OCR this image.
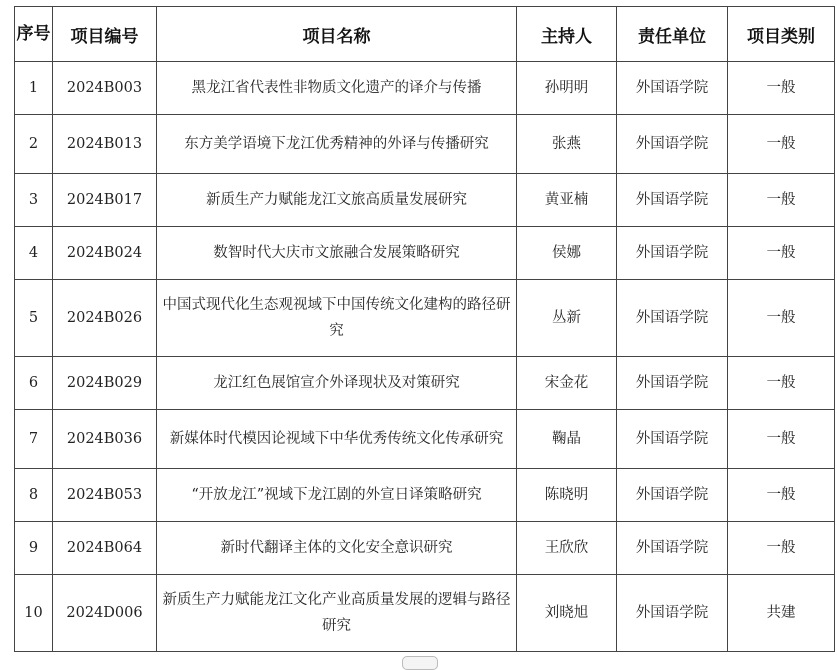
序号	项目编号	项目名称	主持人	责任单位	项目类别
1	2024B003	黑龙江省代表性非物质文化遗产的译介与传播	孙明明	外国语学院	一般
2	2024B013	东方美学语境下龙江优秀精神的外译与传播研究	张燕	外国语学院	一般
3	2024B017	新质生产力赋能龙江文旅高质量发展研究	黄亚楠	外国语学院	一般
4	2024B024	数智时代大庆市文旅融合发展策略研究	侯娜	外国语学院	一般
5	2024B026	中国式现代化生态观视域下中国传统文化建构的路径研究	丛新	外国语学院	一般
6	2024B029	龙江红色展馆宣介外译现状及对策研究	宋金花	外国语学院	一般
7	2024B036	新媒体时代模因论视域下中华优秀传统文化传承研究	鞠晶	外国语学院	一般
8	2024B053	“开放龙江”视域下龙江剧的外宣日译策略研究	陈晓明	外国语学院	一般
9	2024B064	新时代翻译主体的文化安全意识研究	王欣欣	外国语学院	一般
10	2024D006	新质生产力赋能龙江文化产业高质量发展的逻辑与路径研究	刘晓旭	外国语学院	共建
